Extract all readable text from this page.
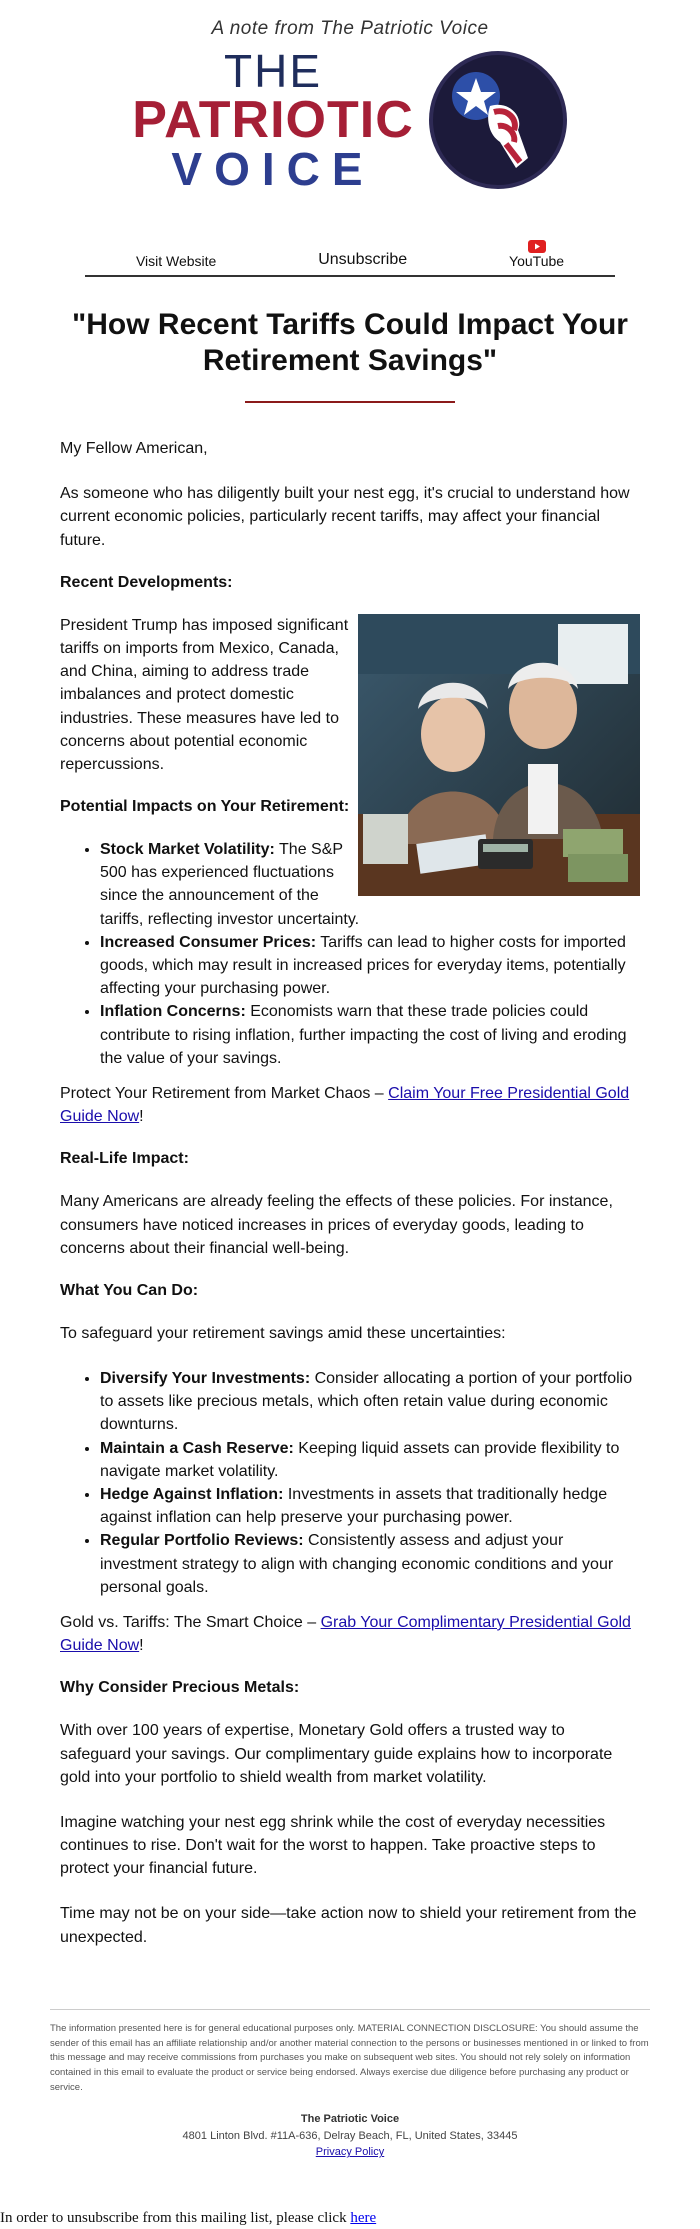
A note from The Patriotic Voice
THE
PATRIOTIC
VOICE
Visit Website	Unsubscribe	YouTube
"How Recent Tariffs Could Impact Your Retirement Savings"

My Fellow American,

As someone who has diligently built your nest egg, it's crucial to understand how current economic policies, particularly recent tariffs, may affect your financial future.

Recent Developments:

President Trump has imposed significant tariffs on imports from Mexico, Canada, and China, aiming to address trade imbalances and protect domestic industries. These measures have led to concerns about potential economic repercussions.

Potential Impacts on Your Retirement:
• Stock Market Volatility: The S&P 500 has experienced fluctuations since the announcement of the tariffs, reflecting investor uncertainty.
• Increased Consumer Prices: Tariffs can lead to higher costs for imported goods, which may result in increased prices for everyday items, potentially affecting your purchasing power.
• Inflation Concerns: Economists warn that these trade policies could contribute to rising inflation, further impacting the cost of living and eroding the value of your savings.

Protect Your Retirement from Market Chaos – Claim Your Free Presidential Gold Guide Now!

Real-Life Impact:

Many Americans are already feeling the effects of these policies. For instance, consumers have noticed increases in prices of everyday goods, leading to concerns about their financial well-being.

What You Can Do:

To safeguard your retirement savings amid these uncertainties:

• Diversify Your Investments: Consider allocating a portion of your portfolio to assets like precious metals, which often retain value during economic downturns.
• Maintain a Cash Reserve: Keeping liquid assets can provide flexibility to navigate market volatility.
• Hedge Against Inflation: Investments in assets that traditionally hedge against inflation can help preserve your purchasing power.
• Regular Portfolio Reviews: Consistently assess and adjust your investment strategy to align with changing economic conditions and your personal goals.

Gold vs. Tariffs: The Smart Choice – Grab Your Complimentary Presidential Gold Guide Now!

Why Consider Precious Metals:

With over 100 years of expertise, Monetary Gold offers a trusted way to safeguard your savings. Our complimentary guide explains how to incorporate gold into your portfolio to shield wealth from market volatility.

Imagine watching your nest egg shrink while the cost of everyday necessities continues to rise. Don't wait for the worst to happen. Take proactive steps to protect your financial future.

Time may not be on your side—take action now to shield your retirement from the unexpected.

The information presented here is for general educational purposes only. MATERIAL CONNECTION DISCLOSURE: You should assume the sender of this email has an affiliate relationship and/or another material connection to the persons or businesses mentioned in or linked to from this message and may receive commissions from purchases you make on subsequent web sites. You should not rely solely on information contained in this email to evaluate the product or service being endorsed. Always exercise due diligence before purchasing any product or service.
The Patriotic Voice
4801 Linton Blvd. #11A-636, Delray Beach, FL, United States, 33445
Privacy Policy
In order to unsubscribe from this mailing list, please click here
